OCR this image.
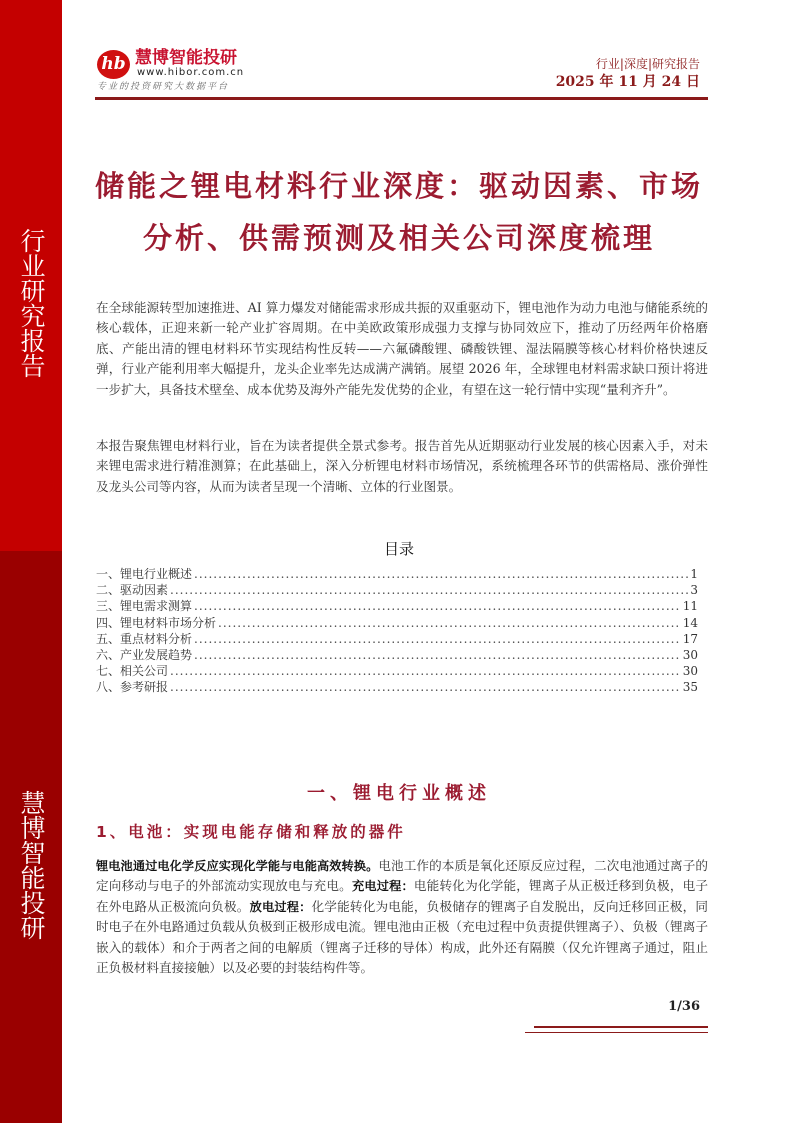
行业研究报告
慧博智能投研
hb 慧博智能投研
www.hibor.com.cn
专业的投资研究大数据平台
行业|深度|研究报告
2025 年 11 月 24 日
储能之锂电材料行业深度：驱动因素、市场
分析、供需预测及相关公司深度梳理
在全球能源转型加速推进、AI 算力爆发对储能需求形成共振的双重驱动下，锂电池作为动力电池与储能系统的核心载体，正迎来新一轮产业扩容周期。在中美欧政策形成强力支撑与协同效应下，推动了历经两年价格磨底、产能出清的锂电材料环节实现结构性反转——六氟磷酸锂、磷酸铁锂、湿法隔膜等核心材料价格快速反弹，行业产能利用率大幅提升，龙头企业率先达成满产满销。展望 2026 年，全球锂电材料需求缺口预计将进一步扩大，具备技术壁垒、成本优势及海外产能先发优势的企业，有望在这一轮行情中实现“量利齐升”。
本报告聚焦锂电材料行业，旨在为读者提供全景式参考。报告首先从近期驱动行业发展的核心因素入手，对未来锂电需求进行精准测算；在此基础上，深入分析锂电材料市场情况，系统梳理各环节的供需格局、涨价弹性及龙头公司等内容，从而为读者呈现一个清晰、立体的行业图景。
目录
一、锂电行业概述 .....	1
二、驱动因素 .....	3
三、锂电需求测算 .....	11
四、锂电材料市场分析 .....	14
五、重点材料分析 .....	17
六、产业发展趋势 .....	30
七、相关公司 .....	30
八、参考研报 .....	35
一、锂电行业概述
1、电池：实现电能存储和释放的器件
锂电池通过电化学反应实现化学能与电能高效转换。电池工作的本质是氧化还原反应过程，二次电池通过离子的定向移动与电子的外部流动实现放电与充电。充电过程：电能转化为化学能，锂离子从正极迁移到负极，电子在外电路从正极流向负极。放电过程：化学能转化为电能，负极储存的锂离子自发脱出，反向迁移回正极，同时电子在外电路通过负载从负极到正极形成电流。锂电池由正极（充电过程中负责提供锂离子）、负极（锂离子嵌入的载体）和介于两者之间的电解质（锂离子迁移的导体）构成，此外还有隔膜（仅允许锂离子通过，阻止正负极材料直接接触）以及必要的封装结构件等。
1/36
